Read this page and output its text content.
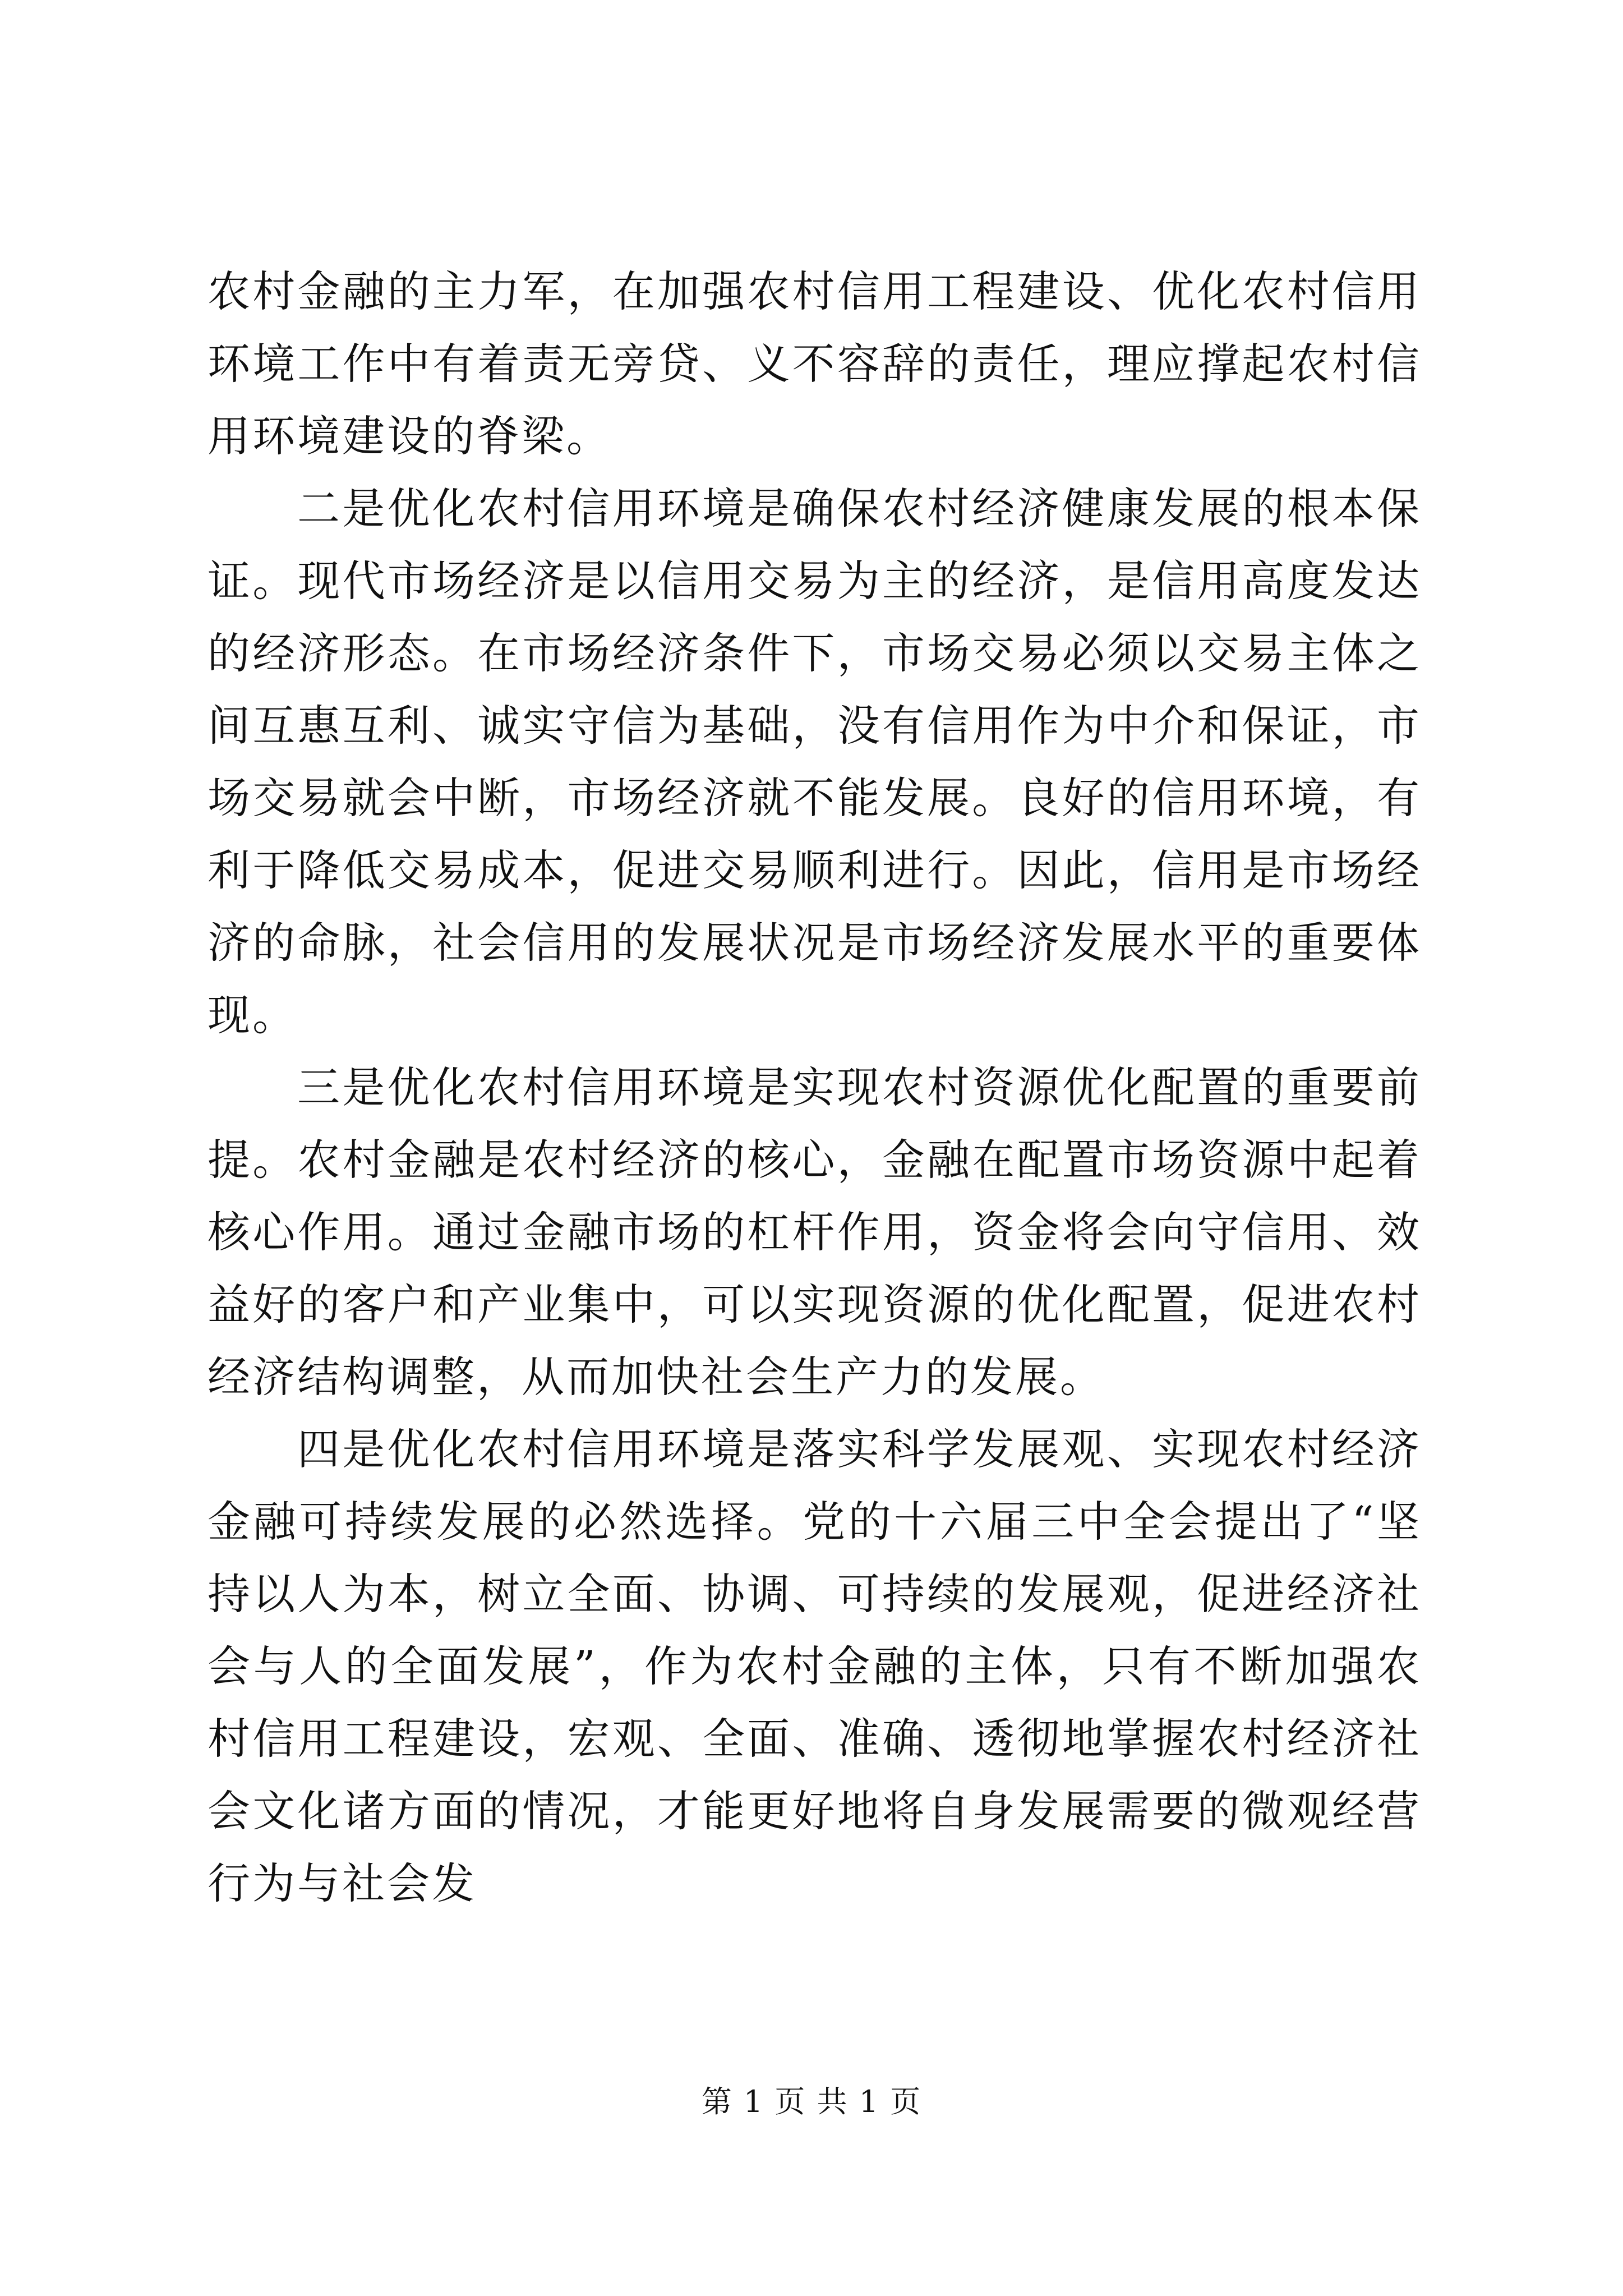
农村金融的主力军，在加强农村信用工程建设、优化农村信用环境工作中有着责无旁贷、义不容辞的责任，理应撑起农村信用环境建设的脊梁。

二是优化农村信用环境是确保农村经济健康发展的根本保证。现代市场经济是以信用交易为主的经济，是信用高度发达的经济形态。在市场经济条件下，市场交易必须以交易主体之间互惠互利、诚实守信为基础，没有信用作为中介和保证，市场交易就会中断，市场经济就不能发展。良好的信用环境，有利于降低交易成本，促进交易顺利进行。因此，信用是市场经济的命脉，社会信用的发展状况是市场经济发展水平的重要体现。

三是优化农村信用环境是实现农村资源优化配置的重要前提。农村金融是农村经济的核心，金融在配置市场资源中起着核心作用。通过金融市场的杠杆作用，资金将会向守信用、效益好的客户和产业集中，可以实现资源的优化配置，促进农村经济结构调整，从而加快社会生产力的发展。

四是优化农村信用环境是落实科学发展观、实现农村经济金融可持续发展的必然选择。党的十六届三中全会提出了“坚持以人为本，树立全面、协调、可持续的发展观，促进经济社会与人的全面发展”，作为农村金融的主体，只有不断加强农村信用工程建设，宏观、全面、准确、透彻地掌握农村经济社会文化诸方面的情况，才能更好地将自身发展需要的微观经营行为与社会发

第 1 页 共 1 页
